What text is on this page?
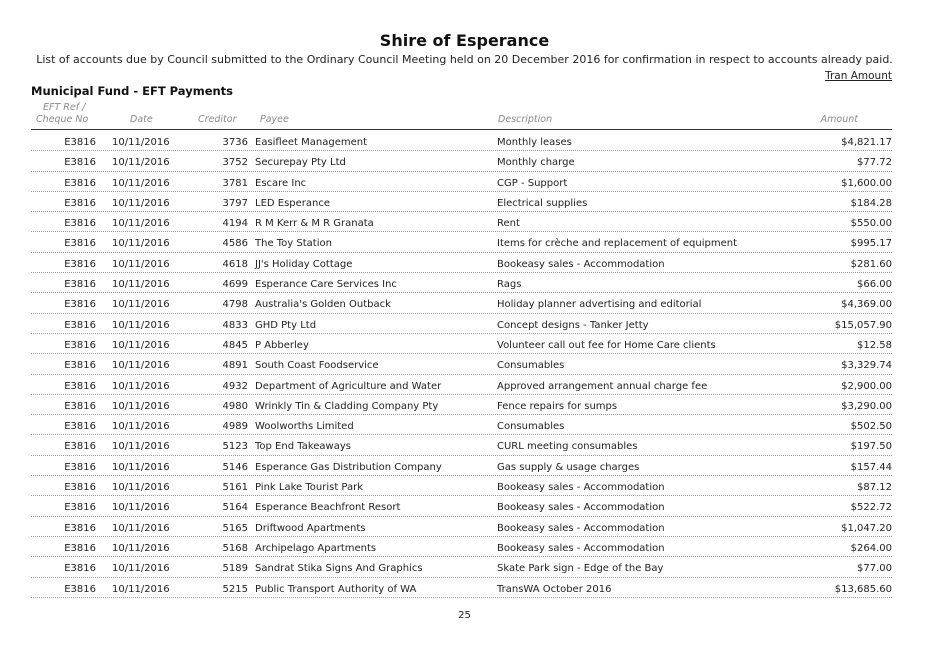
Shire of Esperance
List of accounts due by Council submitted to the Ordinary Council Meeting held on 20 December 2016 for confirmation in respect to accounts already paid.
Tran Amount
Municipal Fund - EFT Payments
EFT Ref /
Cheque No	Date	Creditor Payee	Description	Amount
E3816 10/11/2016	3736 Easifleet Management	Monthly leases	$4,821.17
E3816 10/11/2016	3752 Securepay Pty Ltd	Monthly charge	$77.72
E3816 10/11/2016	3781 Escare Inc	CGP - Support	$1,600.00
E3816 10/11/2016	3797 LED Esperance	Electrical supplies	$184.28
E3816 10/11/2016	4194 R M Kerr & M R Granata	Rent	$550.00
E3816 10/11/2016	4586 The Toy Station	Items for crèche and replacement of equipment	$995.17
E3816 10/11/2016	4618 JJ's Holiday Cottage	Bookeasy sales - Accommodation	$281.60
E3816 10/11/2016	4699 Esperance Care Services Inc	Rags	$66.00
E3816 10/11/2016	4798 Australia's Golden Outback	Holiday planner advertising and editorial	$4,369.00
E3816 10/11/2016	4833 GHD Pty Ltd	Concept designs - Tanker Jetty	$15,057.90
E3816 10/11/2016	4845 P Abberley	Volunteer call out fee for Home Care clients	$12.58
E3816 10/11/2016	4891 South Coast Foodservice	Consumables	$3,329.74
E3816 10/11/2016	4932 Department of Agriculture and Water	Approved arrangement annual charge fee	$2,900.00
E3816 10/11/2016	4980 Wrinkly Tin & Cladding Company Pty	Fence repairs for sumps	$3,290.00
E3816 10/11/2016	4989 Woolworths Limited	Consumables	$502.50
E3816 10/11/2016	5123 Top End Takeaways	CURL meeting consumables	$197.50
E3816 10/11/2016	5146 Esperance Gas Distribution Company	Gas supply & usage charges	$157.44
E3816 10/11/2016	5161 Pink Lake Tourist Park	Bookeasy sales - Accommodation	$87.12
E3816 10/11/2016	5164 Esperance Beachfront Resort	Bookeasy sales - Accommodation	$522.72
E3816 10/11/2016	5165 Driftwood Apartments	Bookeasy sales - Accommodation	$1,047.20
E3816 10/11/2016	5168 Archipelago Apartments	Bookeasy sales - Accommodation	$264.00
E3816 10/11/2016	5189 Sandrat Stika Signs And Graphics	Skate Park sign - Edge of the Bay	$77.00
E3816 10/11/2016	5215 Public Transport Authority of WA	TransWA October 2016	$13,685.60
25
